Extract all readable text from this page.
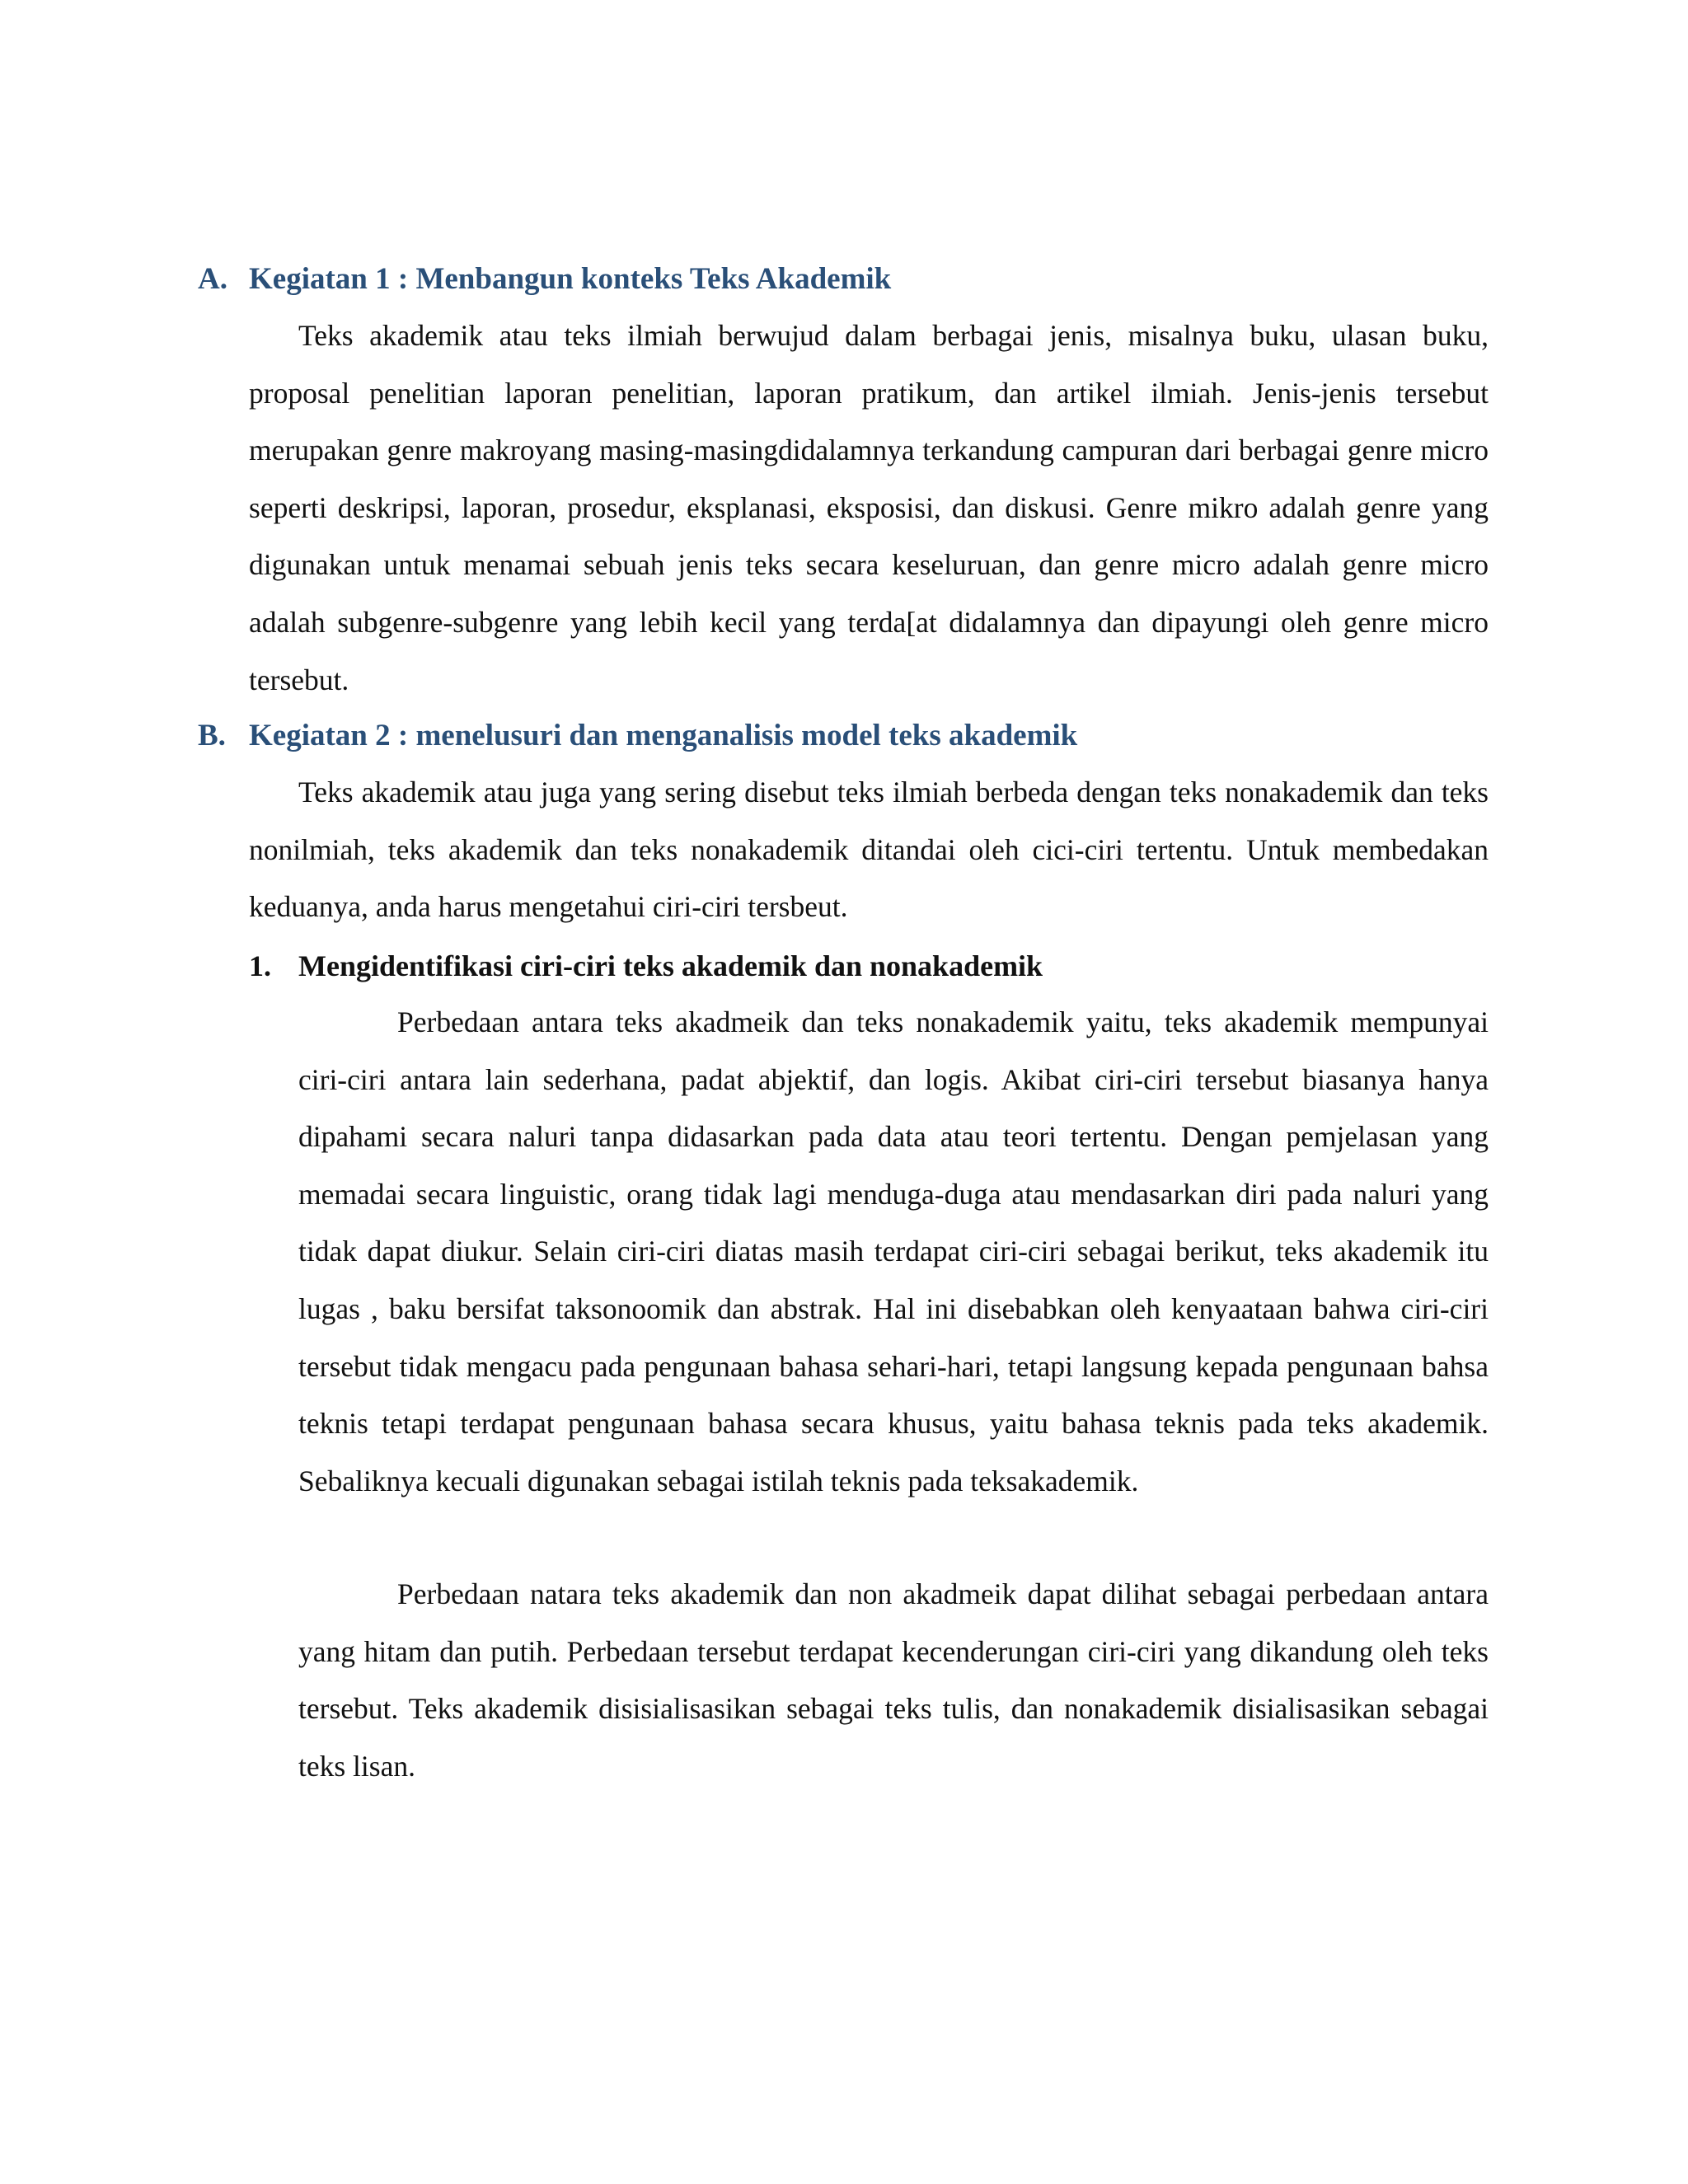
A. Kegiatan 1 : Menbangun konteks Teks Akademik

Teks akademik atau teks ilmiah berwujud dalam berbagai jenis, misalnya buku, ulasan buku, proposal penelitian laporan penelitian, laporan pratikum, dan artikel ilmiah. Jenis-jenis tersebut merupakan genre makroyang masing-masingdidalamnya terkandung campuran dari berbagai genre micro seperti deskripsi, laporan, prosedur, eksplanasi, eksposisi, dan diskusi. Genre mikro adalah genre yang digunakan untuk menamai sebuah jenis teks secara keseluruan, dan genre micro adalah genre micro adalah subgenre-subgenre yang lebih kecil yang terda[at didalamnya dan dipayungi oleh genre micro tersebut.

B. Kegiatan 2 : menelusuri dan menganalisis model teks akademik

Teks akademik atau juga yang sering disebut teks ilmiah berbeda dengan teks nonakademik dan teks nonilmiah, teks akademik dan teks nonakademik ditandai oleh cici-ciri tertentu. Untuk membedakan keduanya, anda harus mengetahui ciri-ciri tersbeut.

1. Mengidentifikasi ciri-ciri teks akademik dan nonakademik

Perbedaan antara teks akadmeik dan teks nonakademik yaitu, teks akademik mempunyai ciri-ciri antara lain sederhana, padat abjektif, dan logis. Akibat ciri-ciri tersebut biasanya hanya dipahami secara naluri tanpa didasarkan pada data atau teori tertentu. Dengan pemjelasan yang memadai secara linguistic, orang tidak lagi menduga-duga atau mendasarkan diri pada naluri yang tidak dapat diukur. Selain ciri-ciri diatas masih terdapat ciri-ciri sebagai berikut, teks akademik itu lugas , baku bersifat taksonoomik dan abstrak. Hal ini disebabkan oleh kenyaataan bahwa ciri-ciri tersebut tidak mengacu pada pengunaan bahasa sehari-hari, tetapi langsung kepada pengunaan bahsa teknis tetapi terdapat pengunaan bahasa secara khusus, yaitu bahasa teknis pada teks akademik. Sebaliknya kecuali digunakan sebagai istilah teknis pada teksakademik.

Perbedaan natara teks akademik dan non akadmeik dapat dilihat sebagai perbedaan antara yang hitam dan putih. Perbedaan tersebut terdapat kecenderungan ciri-ciri yang dikandung oleh teks tersebut. Teks akademik disisialisasikan sebagai teks tulis, dan nonakademik disialisasikan sebagai teks lisan.
